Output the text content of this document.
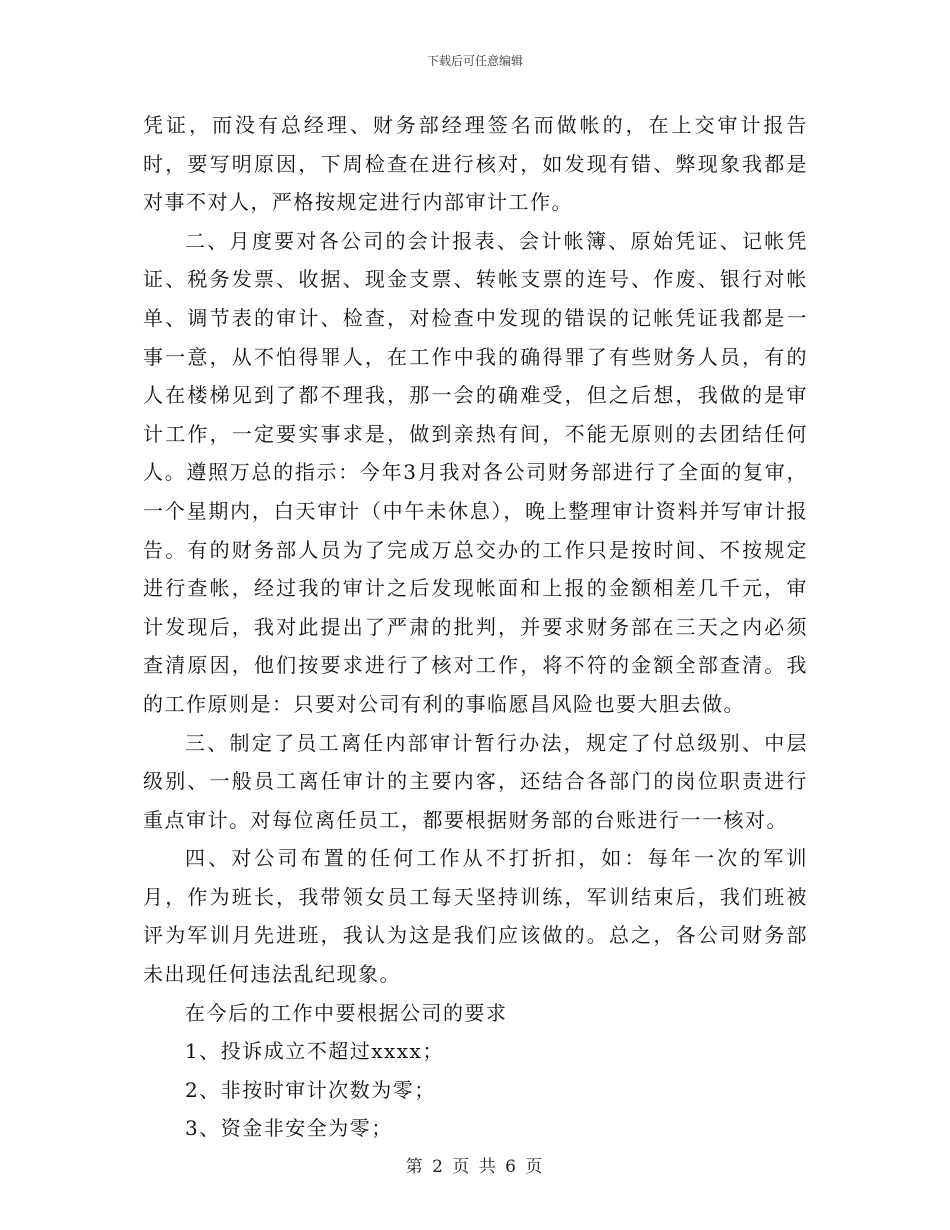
下载后可任意编辑

凭证，而没有总经理、财务部经理签名而做帐的，在上交审计报告时，要写明原因，下周检查在进行核对，如发现有错、弊现象我都是对事不对人，严格按规定进行内部审计工作。

二、月度要对各公司的会计报表、会计帐簿、原始凭证、记帐凭证、税务发票、收据、现金支票、转帐支票的连号、作废、银行对帐单、调节表的审计、检查，对检查中发现的错误的记帐凭证我都是一事一意，从不怕得罪人，在工作中我的确得罪了有些财务人员，有的人在楼梯见到了都不理我，那一会的确难受，但之后想，我做的是审计工作，一定要实事求是，做到亲热有间，不能无原则的去团结任何人。遵照万总的指示：今年3月我对各公司财务部进行了全面的复审，一个星期内，白天审计（中午未休息），晚上整理审计资料并写审计报告。有的财务部人员为了完成万总交办的工作只是按时间、不按规定进行查帐，经过我的审计之后发现帐面和上报的金额相差几千元，审计发现后，我对此提出了严肃的批判，并要求财务部在三天之内必须查清原因，他们按要求进行了核对工作，将不符的金额全部查清。我的工作原则是：只要对公司有利的事临愿昌风险也要大胆去做。

三、制定了员工离任内部审计暂行办法，规定了付总级别、中层级别、一般员工离任审计的主要内客，还结合各部门的岗位职责进行重点审计。对每位离任员工，都要根据财务部的台账进行一一核对。

四、对公司布置的任何工作从不打折扣，如：每年一次的军训月，作为班长，我带领女员工每天坚持训练，军训结束后，我们班被评为军训月先进班，我认为这是我们应该做的。总之，各公司财务部未出现任何违法乱纪现象。

在今后的工作中要根据公司的要求

1、投诉成立不超过xxxx；

2、非按时审计次数为零；

3、资金非安全为零；

第 2 页 共 6 页
